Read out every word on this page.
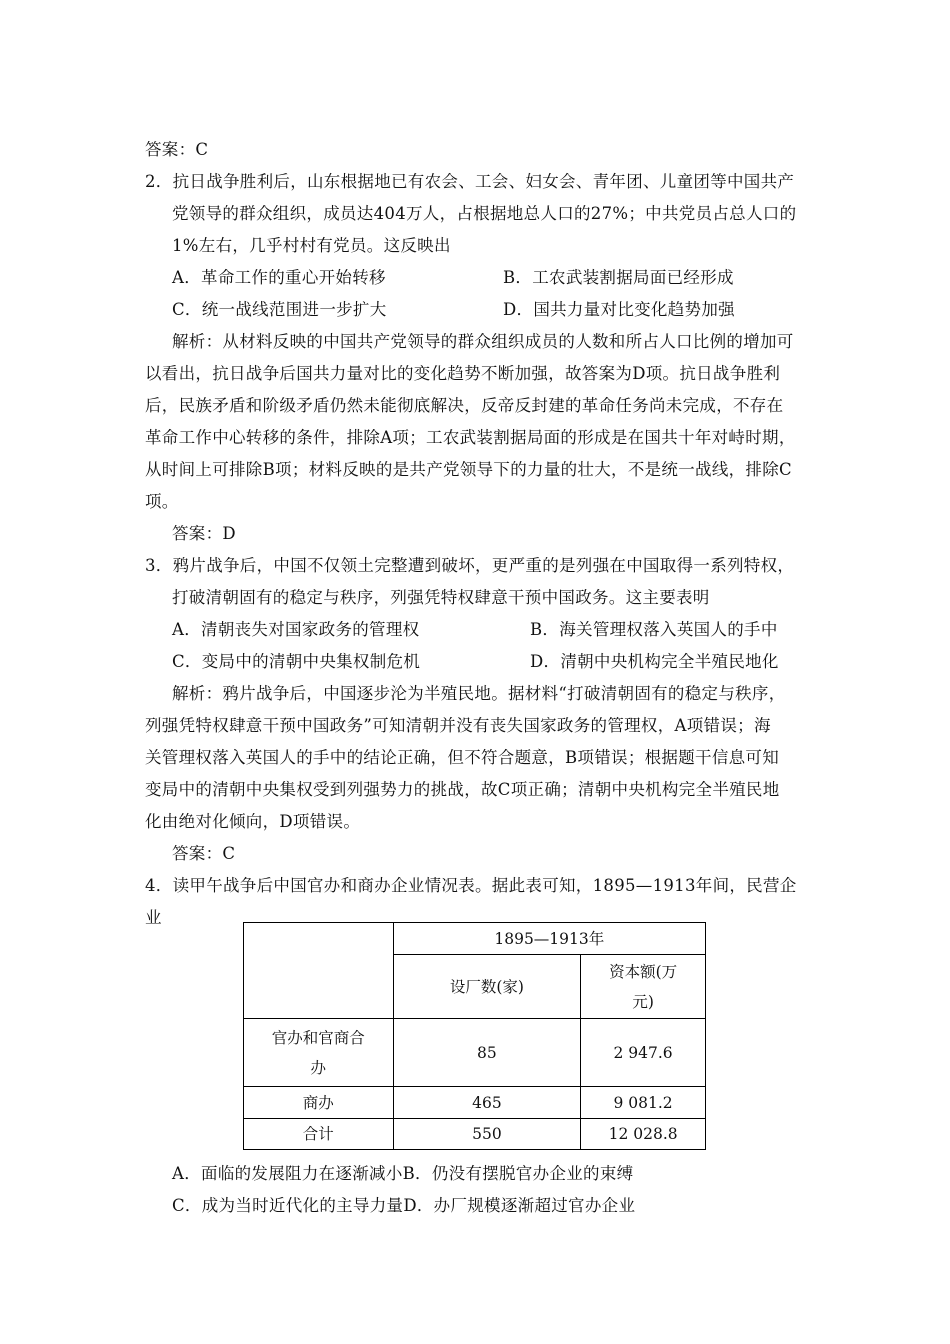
答案：C
2．抗日战争胜利后，山东根据地已有农会、工会、妇女会、青年团、儿童团等中国共产
党领导的群众组织，成员达404万人，占根据地总人口的27%；中共党员占总人口的
1%左右，几乎村村有党员。这反映出
A．革命工作的重心开始转移	B．工农武装割据局面已经形成
C．统一战线范围进一步扩大	D．国共力量对比变化趋势加强
解析：从材料反映的中国共产党领导的群众组织成员的人数和所占人口比例的增加可
以看出，抗日战争后国共力量对比的变化趋势不断加强，故答案为D项。抗日战争胜利
后，民族矛盾和阶级矛盾仍然未能彻底解决，反帝反封建的革命任务尚未完成，不存在
革命工作中心转移的条件，排除A项；工农武装割据局面的形成是在国共十年对峙时期，
从时间上可排除B项；材料反映的是共产党领导下的力量的壮大，不是统一战线，排除C
项。
答案：D
3．鸦片战争后，中国不仅领土完整遭到破坏，更严重的是列强在中国取得一系列特权，
打破清朝固有的稳定与秩序，列强凭特权肆意干预中国政务。这主要表明
A．清朝丧失对国家政务的管理权	B．海关管理权落入英国人的手中
C．变局中的清朝中央集权制危机	D．清朝中央机构完全半殖民地化
解析：鸦片战争后，中国逐步沦为半殖民地。据材料“打破清朝固有的稳定与秩序，
列强凭特权肆意干预中国政务”可知清朝并没有丧失国家政务的管理权，A项错误；海
关管理权落入英国人的手中的结论正确，但不符合题意，B项错误；根据题干信息可知
变局中的清朝中央集权受到列强势力的挑战，故C项正确；清朝中央机构完全半殖民地
化由绝对化倾向，D项错误。
答案：C
4．读甲午战争后中国官办和商办企业情况表。据此表可知，1895—1913年间，民营企
业
	1895—1913年	
	设厂数(家)	资本额(万
元)

官办和官商合
办	85	2 947.6
商办	465	9 081.2
合计	550	12 028.8
A．面临的发展阻力在逐渐减小B．仍没有摆脱官办企业的束缚
C．成为当时近代化的主导力量D．办厂规模逐渐超过官办企业
